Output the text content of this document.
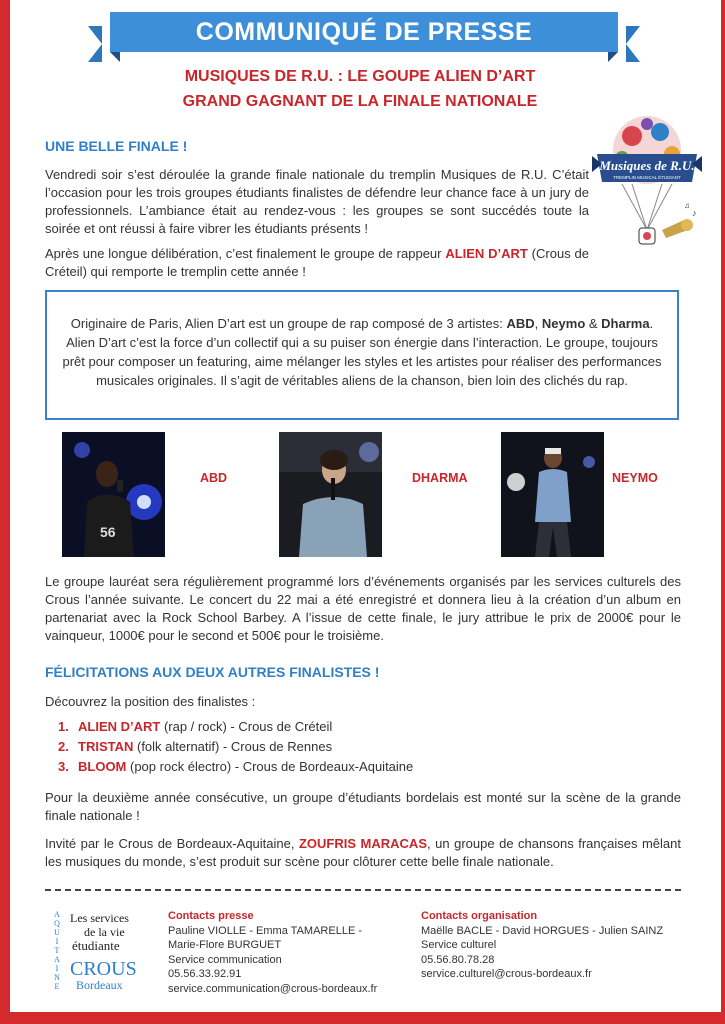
COMMUNIQUÉ DE PRESSE
MUSIQUES DE R.U. : LE GOUPE ALIEN D’ART
GRAND GAGNANT DE LA FINALE NATIONALE
UNE BELLE FINALE !
Vendredi soir s’est déroulée la grande finale nationale du tremplin Musiques de R.U. C’était l’occasion pour les trois groupes étudiants finalistes de défendre leur chance face à un jury de professionnels. L’ambiance était au rendez-vous : les groupes se sont succédés toute la soirée et ont réussi à faire vibrer les étudiants présents !
Après une longue délibération, c’est finalement le groupe de rappeur ALIEN D’ART (Crous de Créteil) qui remporte le tremplin cette année !
Musiques de R.U.
TREMPLIN MUSICAL ÉTUDIANT
♪
♫
Originaire de Paris, Alien D’art est un groupe de rap composé de 3 artistes: ABD, Neymo & Dharma. Alien D’art c’est la force d’un collectif qui a su puiser son énergie dans l’interaction. Le groupe, toujours prêt pour composer un featuring, aime mélanger les styles et les artistes pour réaliser des performances musicales originales. Il s’agit de véritables aliens de la chanson, bien loin des clichés du rap.
56
ABD	DHARMA	NEYMO
Le groupe lauréat sera régulièrement programmé lors d’événements organisés par les services culturels des Crous l’année suivante. Le concert du 22 mai a été enregistré et donnera lieu à la création d’un album en partenariat avec la Rock School Barbey. A l’issue de cette finale, le jury attribue le prix de 2000€ pour le vainqueur, 1000€ pour le second et 500€ pour le troisième.
FÉLICITATIONS AUX DEUX AUTRES FINALISTES !
Découvrez la position des finalistes :
1. ALIEN D’ART (rap / rock) - Crous de Créteil
2. TRISTAN (folk alternatif) - Crous de Rennes
3. BLOOM (pop rock électro) - Crous de Bordeaux-Aquitaine
Pour la deuxième année consécutive, un groupe d’étudiants bordelais est monté sur la scène de la grande finale nationale !
Invité par le Crous de Bordeaux-Aquitaine, ZOUFRIS MARACAS, un groupe de chansons françaises mêlant les musiques du monde, s’est produit sur scène pour clôturer cette belle finale nationale.
A
Q
U
I
T
A
I
N
E
Les services
de la vie
étudiante
CROUS
Bordeaux
Contacts presse
Pauline VIOLLE - Emma TAMARELLE -
Marie-Flore BURGUET
Service communication
05.56.33.92.91
service.communication@crous-bordeaux.fr
Contacts organisation
Maëlle BACLE - David HORGUES - Julien SAINZ
Service culturel
05.56.80.78.28
service.culturel@crous-bordeaux.fr
